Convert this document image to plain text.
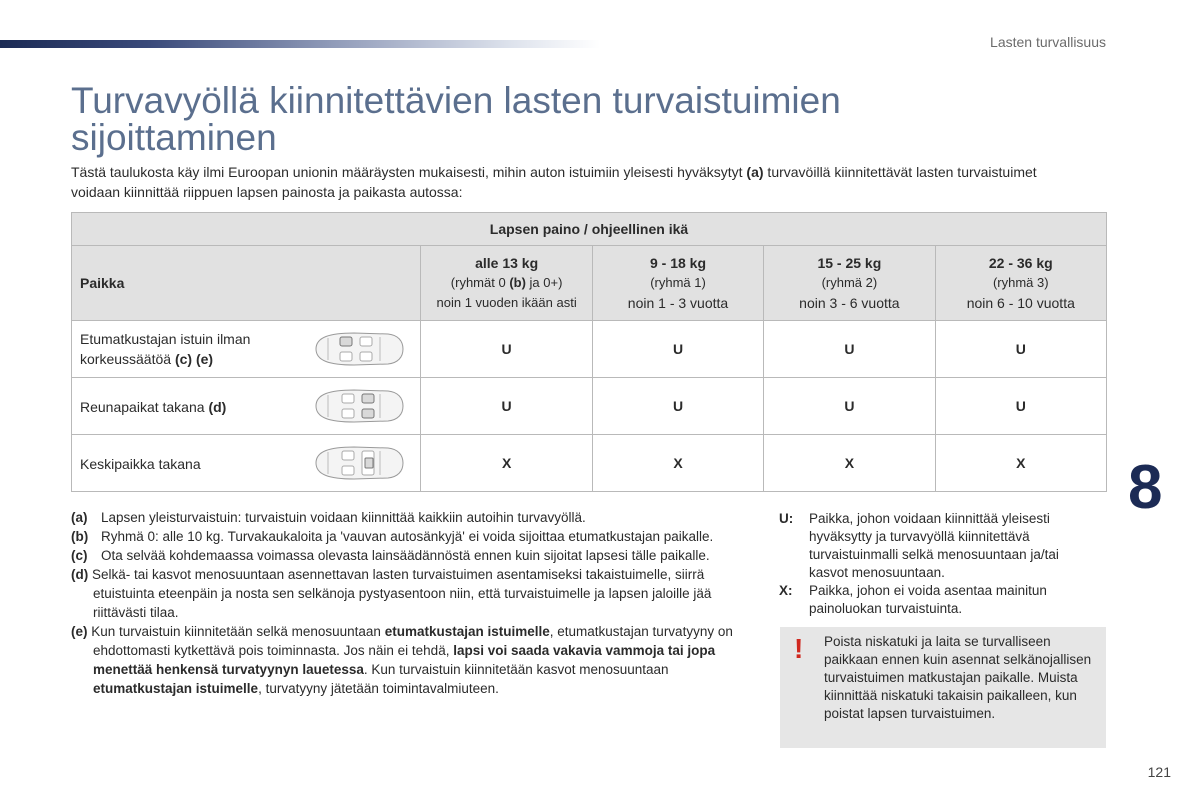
Lasten turvallisuus
Turvavyöllä kiinnitettävien lasten turvaistuimien
sijoittaminen
Tästä taulukosta käy ilmi Euroopan unionin määräysten mukaisesti, mihin auton istuimiin yleisesti hyväksytyt (a) turvavöillä kiinnitettävät lasten turvaistuimet voidaan kiinnittää riippuen lapsen painosta ja paikasta autossa:
Lapsen paino / ohjeellinen ikä				
Paikka	alle 13 kg
(ryhmät 0 (b) ja 0+)
noin 1 vuoden ikään asti	9 - 18 kg
(ryhmä 1)
noin 1 - 3 vuotta	15 - 25 kg
(ryhmä 2)
noin 3 - 6 vuotta	22 - 36 kg
(ryhmä 3)
noin 6 - 10 vuotta

Etumatkustajan istuin ilman korkeussäätöä (c) (e)	U	U	U	U
Reunapaikat takana (d)	U	U	U	U
Keskipaikka takana	X	X	X	X
(a) Lapsen yleisturvaistuin: turvaistuin voidaan kiinnittää kaikkiin autoihin turvavyöllä.
(b) Ryhmä 0: alle 10 kg. Turvakaukaloita ja 'vauvan autosänkyjä' ei voida sijoittaa etumatkustajan paikalle.
(c) Ota selvää kohdemaassa voimassa olevasta lainsäädännöstä ennen kuin sijoitat lapsesi tälle paikalle.
(d) Selkä- tai kasvot menosuuntaan asennettavan lasten turvaistuimen asentamiseksi takaistuimelle, siirrä etuistuinta eteenpäin ja nosta sen selkänoja pystyasentoon niin, että turvaistuimelle ja lapsen jaloille jää riittävästi tilaa.
(e) Kun turvaistuin kiinnitetään selkä menosuuntaan etumatkustajan istuimelle, etumatkustajan turvatyyny on ehdottomasti kytkettävä pois toiminnasta. Jos näin ei tehdä, lapsi voi saada vakavia vammoja tai jopa menettää henkensä turvatyynyn lauetessa. Kun turvaistuin kiinnitetään kasvot menosuuntaan etumatkustajan istuimelle, turvatyyny jätetään toimintavalmiuteen.
U: Paikka, johon voidaan kiinnittää yleisesti hyväksytty ja turvavyöllä kiinnitettävä turvaistuinmalli selkä menosuuntaan ja/tai kasvot menosuuntaan.
X: Paikka, johon ei voida asentaa mainitun painoluokan turvaistuinta.
! Poista niskatuki ja laita se turvalliseen paikkaan ennen kuin asennat selkänojallisen turvaistuimen matkustajan paikalle. Muista kiinnittää niskatuki takaisin paikalleen, kun poistat lapsen turvaistuimen.
8
121
